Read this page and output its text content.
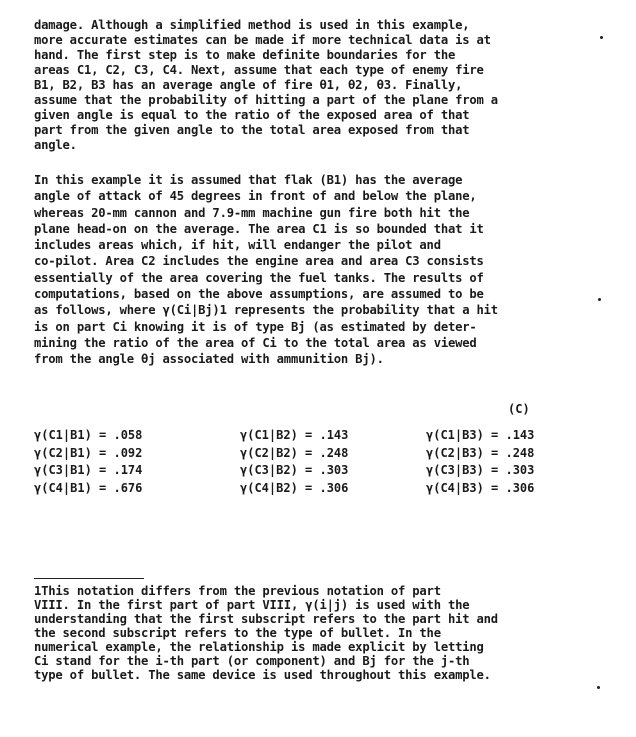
damage. Although a simplified method is used in this example,

more accurate estimates can be made if more technical data is at

hand. The first step is to make definite boundaries for the

areas C1, C2, C3, C4. Next, assume that each type of enemy fire

B1, B2, B3 has an average angle of fire θ1, θ2, θ3. Finally,

assume that the probability of hitting a part of the plane from a

given angle is equal to the ratio of the exposed area of that

part from the given angle to the total area exposed from that

angle.

In this example it is assumed that flak (B1) has the average

angle of attack of 45 degrees in front of and below the plane,

whereas 20-mm cannon and 7.9-mm machine gun fire both hit the

plane head-on on the average. The area C1 is so bounded that it

includes areas which, if hit, will endanger the pilot and

co-pilot. Area C2 includes the engine area and area C3 consists

essentially of the area covering the fuel tanks. The results of

computations, based on the above assumptions, are assumed to be

as follows, where γ(Ci|Bj)1 represents the probability that a hit

is on part Ci knowing it is of type Bj (as estimated by deter-

mining the ratio of the area of Ci to the total area as viewed

from the angle θj associated with ammunition Bj).

(C)
γ(C1|B1) = .058	γ(C1|B2) = .143	γ(C1|B3) = .143
γ(C2|B1) = .092	γ(C2|B2) = .248	γ(C2|B3) = .248
γ(C3|B1) = .174	γ(C3|B2) = .303	γ(C3|B3) = .303
γ(C4|B1) = .676	γ(C4|B2) = .306	γ(C4|B3) = .306

1This notation differs from the previous notation of part

VIII. In the first part of part VIII, γ(i|j) is used with the

understanding that the first subscript refers to the part hit and

the second subscript refers to the type of bullet. In the

numerical example, the relationship is made explicit by letting

Ci stand for the i-th part (or component) and Bj for the j-th

type of bullet. The same device is used throughout this example.
